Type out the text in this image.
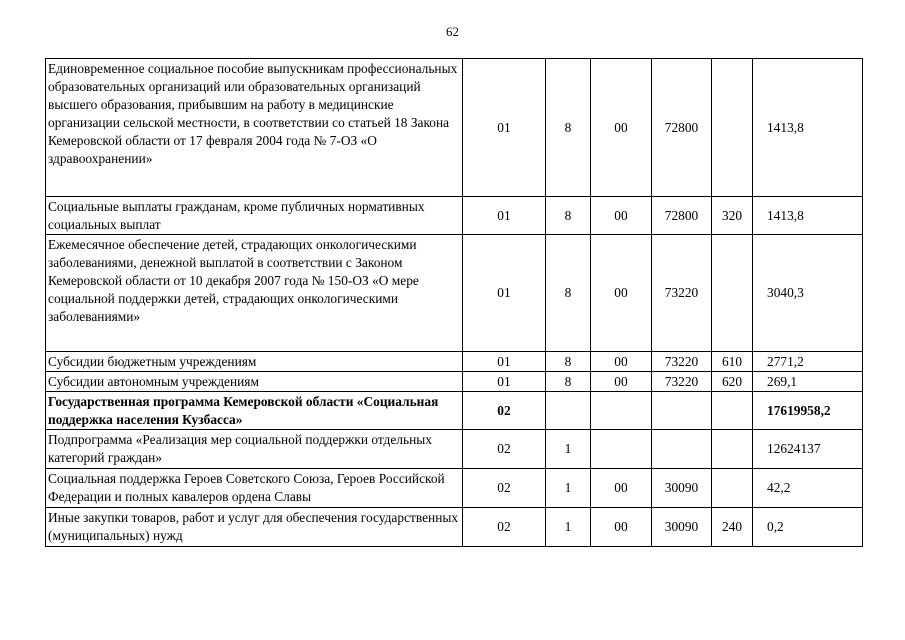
62
Единовременное социальное пособие выпускникам профессиональных образовательных организаций или образовательных организаций высшего образования, прибывшим на работу в медицинские организации сельской местности, в соответствии со статьей 18 Закона Кемеровской области от 17 февраля 2004 года № 7-ОЗ «О здравоохранении»	01	8	00	72800		1413,8
Социальные выплаты гражданам, кроме публичных нормативных социальных выплат	01	8	00	72800	320	1413,8
Ежемесячное обеспечение детей, страдающих онкологическими заболеваниями, денежной выплатой в соответствии с Законом Кемеровской области от 10 декабря 2007 года № 150-ОЗ «О мере социальной поддержки детей, страдающих онкологическими заболеваниями»	01	8	00	73220		3040,3
Субсидии бюджетным учреждениям	01	8	00	73220	610	2771,2
Субсидии автономным учреждениям	01	8	00	73220	620	269,1
Государственная программа Кемеровской области «Социальная поддержка населения Кузбасса»	02					17619958,2
Подпрограмма «Реализация мер социальной поддержки отдельных категорий граждан»	02	1				12624137
Социальная поддержка Героев Советского Союза, Героев Российской Федерации и полных кавалеров ордена Славы	02	1	00	30090		42,2
Иные закупки товаров, работ и услуг для обеспечения государственных (муниципальных) нужд	02	1	00	30090	240	0,2
